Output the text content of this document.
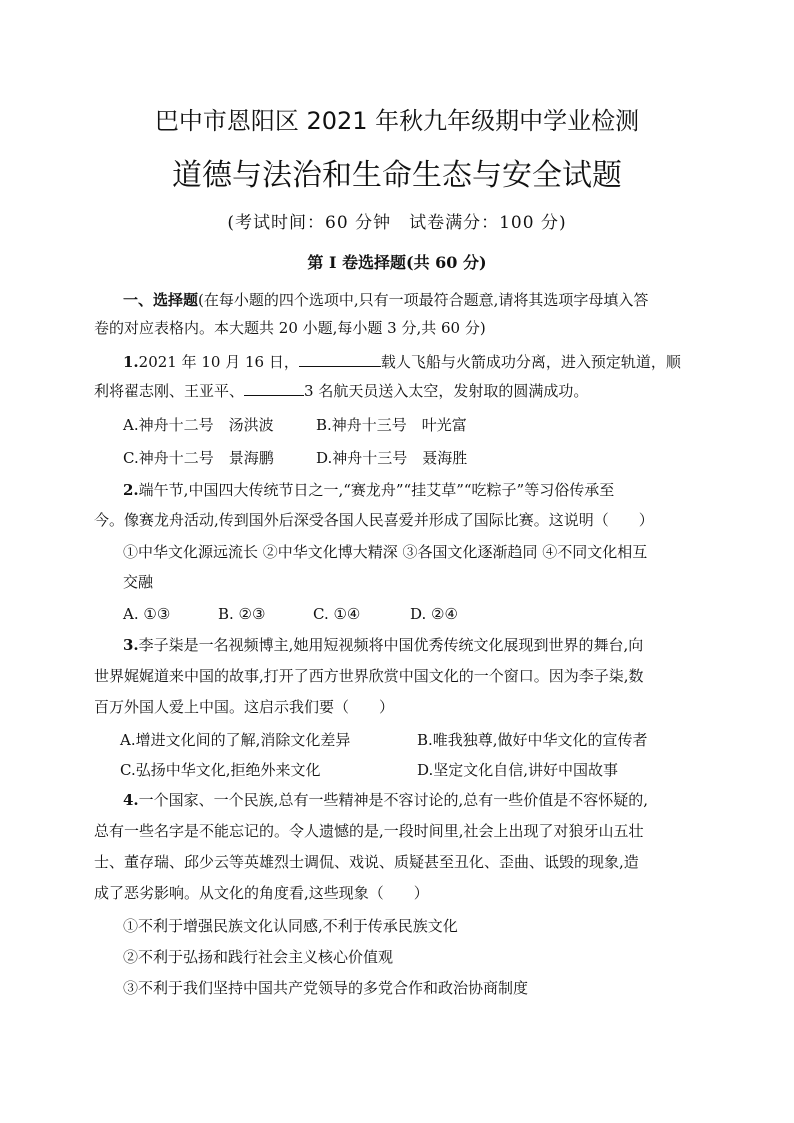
巴中市恩阳区 2021 年秋九年级期中学业检测
道德与法治和生命生态与安全试题
(考试时间：60 分钟　试卷满分：100 分)
第 I 卷选择题(共 60 分)
一、选择题(在每小题的四个选项中,只有一项最符合题意,请将其选项字母填入答
卷的对应表格内。本大题共 20 小题,每小题 3 分,共 60 分)
1.2021 年 10 月 16 日，	载人飞船与火箭成功分离，进入预定轨道，顺
利将翟志刚、王亚平、	3 名航天员送入太空，发射取的圆满成功。
A.神舟十二号　汤洪波	B.神舟十三号　叶光富
C.神舟十二号　景海鹏	D.神舟十三号　聂海胜
2.端午节,中国四大传统节日之一,“赛龙舟”“挂艾草”“吃粽子”等习俗传承至
今。像赛龙舟活动,传到国外后深受各国人民喜爱并形成了国际比赛。这说明（　　）
①中华文化源远流长 ②中华文化博大精深 ③各国文化逐渐趋同 ④不同文化相互
交融
A. ①③	B. ②③	C. ①④	D. ②④
3.李子柒是一名视频博主,她用短视频将中国优秀传统文化展现到世界的舞台,向
世界娓娓道来中国的故事,打开了西方世界欣赏中国文化的一个窗口。因为李子柒,数
百万外国人爱上中国。这启示我们要（　　）
A.增进文化间的了解,消除文化差异	B.唯我独尊,做好中华文化的宣传者
C.弘扬中华文化,拒绝外来文化	D.坚定文化自信,讲好中国故事
4.一个国家、一个民族,总有一些精神是不容讨论的,总有一些价值是不容怀疑的,
总有一些名字是不能忘记的。令人遗憾的是,一段时间里,社会上出现了对狼牙山五壮
士、董存瑞、邱少云等英雄烈士调侃、戏说、质疑甚至丑化、歪曲、诋毁的现象,造
成了恶劣影响。从文化的角度看,这些现象（　　）
①不利于增强民族文化认同感,不利于传承民族文化
②不利于弘扬和践行社会主义核心价值观
③不利于我们坚持中国共产党领导的多党合作和政治协商制度
